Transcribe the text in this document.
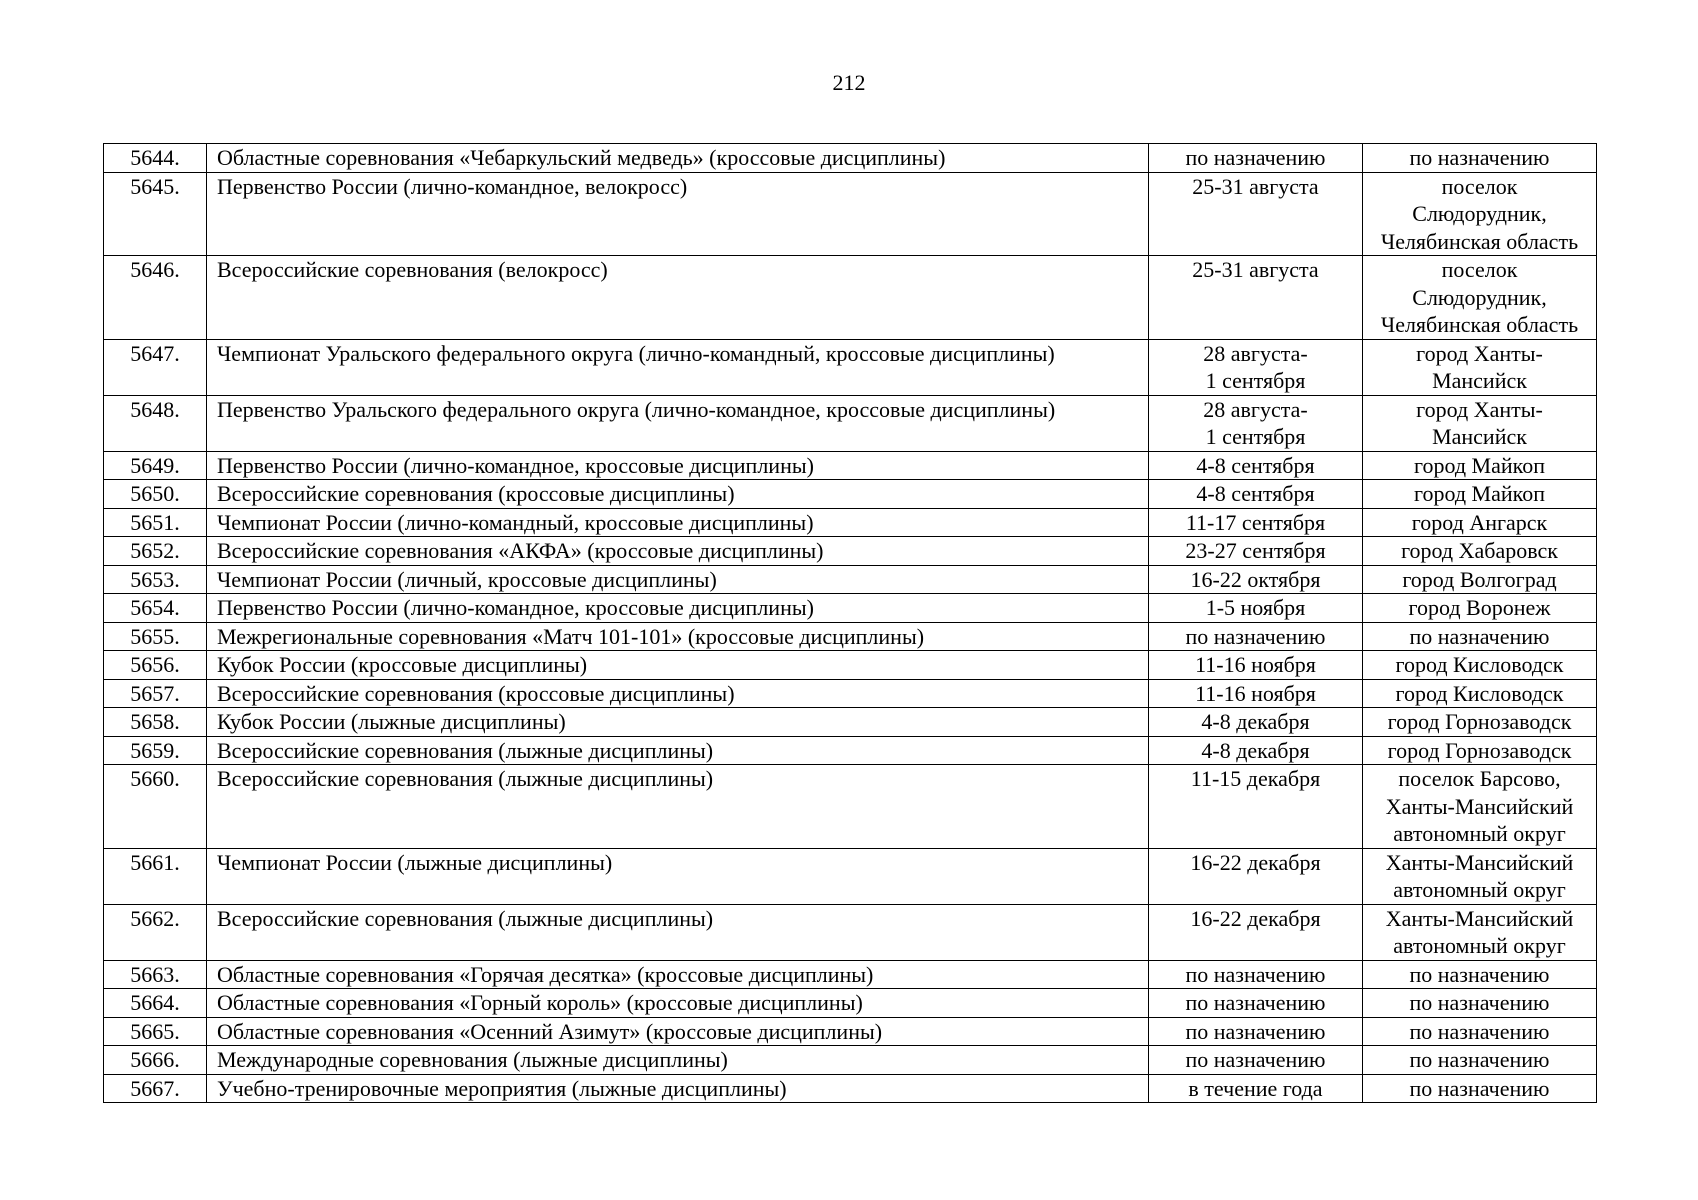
212
5644.	Областные соревнования «Чебаркульский медведь» (кроссовые дисциплины)	по назначению	по назначению

5645.	Первенство России (лично-командное, велокросс)	25-31 августа	поселок
Слюдорудник,
Челябинская область

5646.	Всероссийские соревнования (велокросс)	25-31 августа	поселок
Слюдорудник,
Челябинская область

5647.	Чемпионат Уральского федерального округа (лично-командный, кроссовые дисциплины)	28 августа-
1 сентября	город Ханты-
Мансийск

5648.	Первенство Уральского федерального округа (лично-командное, кроссовые дисциплины)	28 августа-
1 сентября	город Ханты-
Мансийск

5649.	Первенство России (лично-командное, кроссовые дисциплины)	4-8 сентября	город Майкоп

5650.	Всероссийские соревнования (кроссовые дисциплины)	4-8 сентября	город Майкоп

5651.	Чемпионат России (лично-командный, кроссовые дисциплины)	11-17 сентября	город Ангарск

5652.	Всероссийские соревнования «АКФА» (кроссовые дисциплины)	23-27 сентября	город Хабаровск

5653.	Чемпионат России (личный, кроссовые дисциплины)	16-22 октября	город Волгоград

5654.	Первенство России (лично-командное, кроссовые дисциплины)	1-5 ноября	город Воронеж

5655.	Межрегиональные соревнования «Матч 101-101» (кроссовые дисциплины)	по назначению	по назначению

5656.	Кубок России (кроссовые дисциплины)	11-16 ноября	город Кисловодск

5657.	Всероссийские соревнования (кроссовые дисциплины)	11-16 ноября	город Кисловодск

5658.	Кубок России (лыжные дисциплины)	4-8 декабря	город Горнозаводск

5659.	Всероссийские соревнования (лыжные дисциплины)	4-8 декабря	город Горнозаводск

5660.	Всероссийские соревнования (лыжные дисциплины)	11-15 декабря	поселок Барсово,
Ханты-Мансийский
автономный округ

5661.	Чемпионат России (лыжные дисциплины)	16-22 декабря	Ханты-Мансийский
автономный округ

5662.	Всероссийские соревнования (лыжные дисциплины)	16-22 декабря	Ханты-Мансийский
автономный округ

5663.	Областные соревнования «Горячая десятка» (кроссовые дисциплины)	по назначению	по назначению

5664.	Областные соревнования «Горный король» (кроссовые дисциплины)	по назначению	по назначению

5665.	Областные соревнования «Осенний Азимут» (кроссовые дисциплины)	по назначению	по назначению

5666.	Международные соревнования (лыжные дисциплины)	по назначению	по назначению

5667.	Учебно-тренировочные мероприятия (лыжные дисциплины)	в течение года	по назначению
